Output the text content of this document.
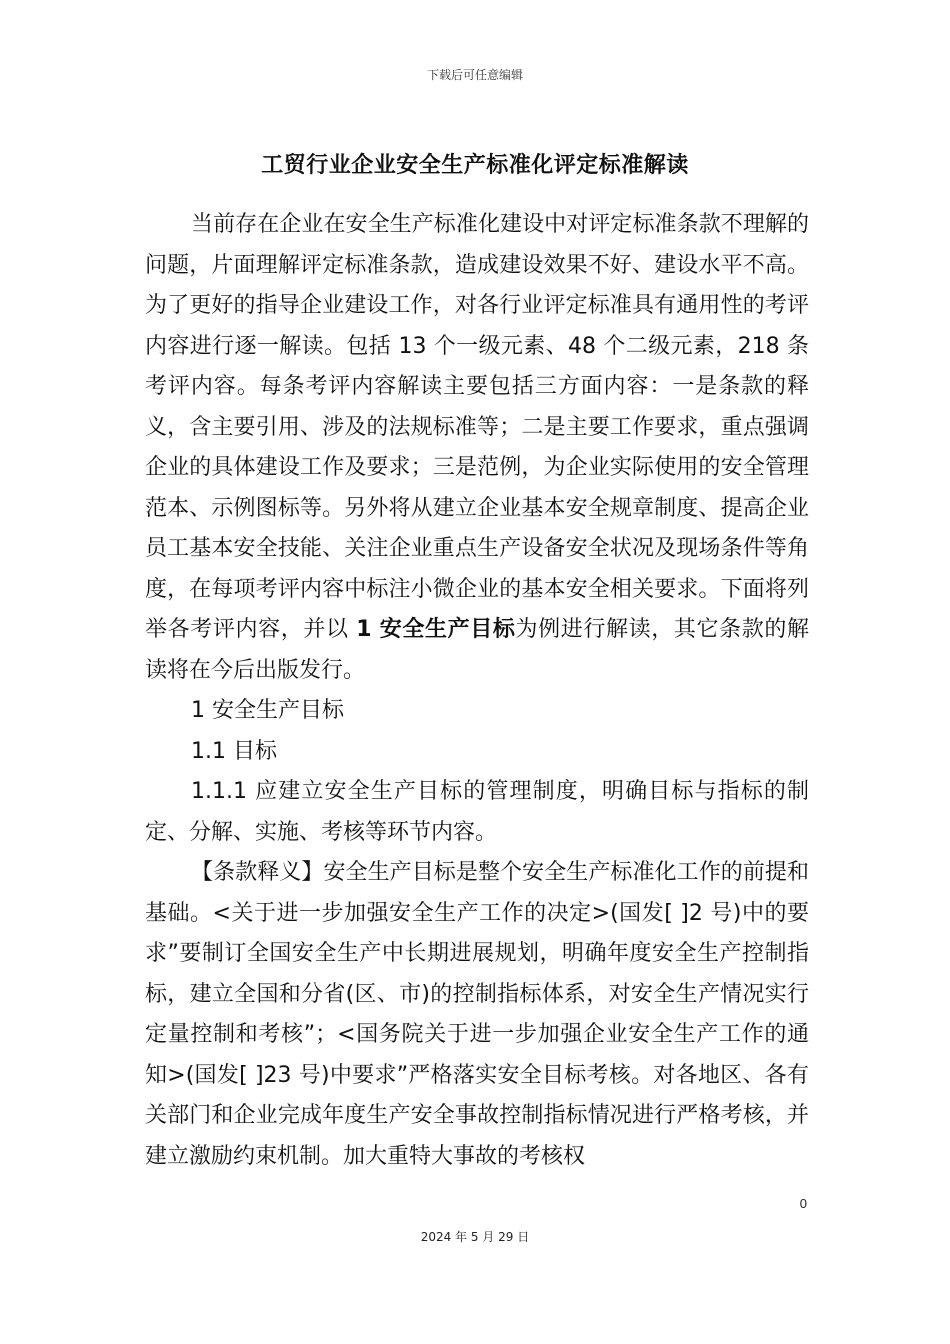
下载后可任意编辑
工贸行业企业安全生产标准化评定标准解读

当前存在企业在安全生产标准化建设中对评定标准条款不理解的问题，片面理解评定标准条款，造成建设效果不好、建设水平不高。为了更好的指导企业建设工作，对各行业评定标准具有通用性的考评内容进行逐一解读。包括 13 个一级元素、48 个二级元素，218 条考评内容。每条考评内容解读主要包括三方面内容：一是条款的释义，含主要引用、涉及的法规标准等；二是主要工作要求，重点强调企业的具体建设工作及要求；三是范例，为企业实际使用的安全管理范本、示例图标等。另外将从建立企业基本安全规章制度、提高企业员工基本安全技能、关注企业重点生产设备安全状况及现场条件等角度，在每项考评内容中标注小微企业的基本安全相关要求。下面将列举各考评内容，并以 1 安全生产目标为例进行解读，其它条款的解读将在今后出版发行。

1 安全生产目标

1.1 目标

1.1.1 应建立安全生产目标的管理制度，明确目标与指标的制定、分解、实施、考核等环节内容。

【条款释义】安全生产目标是整个安全生产标准化工作的前提和基础。<关于进一步加强安全生产工作的决定>(国发[ ]2 号)中的要求”要制订全国安全生产中长期进展规划，明确年度安全生产控制指标，建立全国和分省(区、市)的控制指标体系，对安全生产情况实行定量控制和考核”；<国务院关于进一步加强企业安全生产工作的通知>(国发[ ]23 号)中要求”严格落实安全目标考核。对各地区、各有关部门和企业完成年度生产安全事故控制指标情况进行严格考核，并建立激励约束机制。加大重特大事故的考核权

0
2024 年 5 月 29 日
